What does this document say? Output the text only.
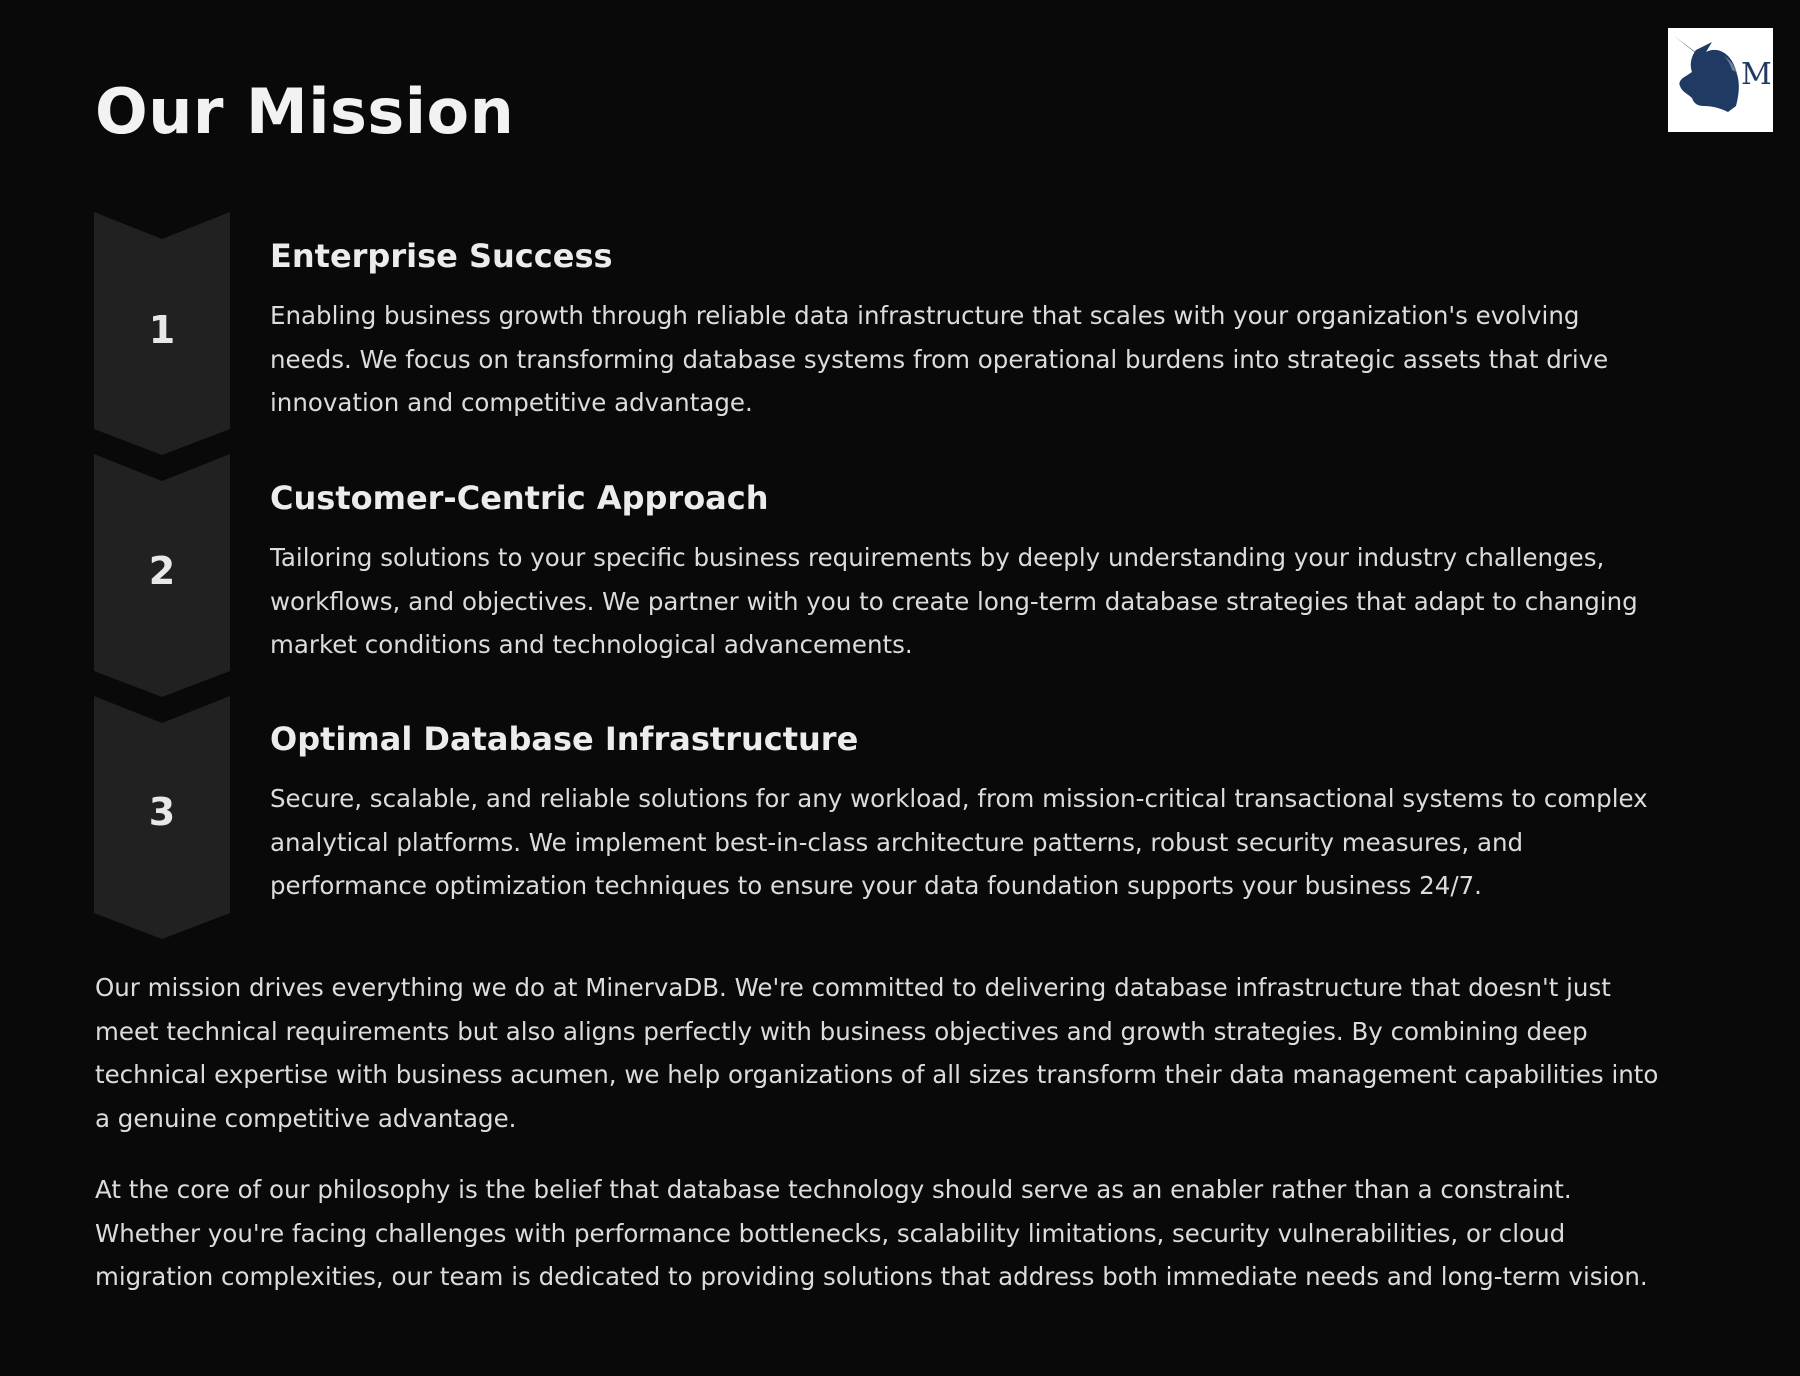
Our Mission
M
1
Enterprise Success

Enabling business growth through reliable data infrastructure that scales with your organization's evolving needs. We focus on transforming database systems from operational burdens into strategic assets that drive innovation and competitive advantage.

2
Customer-Centric Approach

Tailoring solutions to your specific business requirements by deeply understanding your industry challenges, workflows, and objectives. We partner with you to create long-term database strategies that adapt to changing market conditions and technological advancements.

3
Optimal Database Infrastructure

Secure, scalable, and reliable solutions for any workload, from mission-critical transactional systems to complex analytical platforms. We implement best-in-class architecture patterns, robust security measures, and performance optimization techniques to ensure your data foundation supports your business 24/7.

Our mission drives everything we do at MinervaDB. We're committed to delivering database infrastructure that doesn't just meet technical requirements but also aligns perfectly with business objectives and growth strategies. By combining deep technical expertise with business acumen, we help organizations of all sizes transform their data management capabilities into a genuine competitive advantage.

At the core of our philosophy is the belief that database technology should serve as an enabler rather than a constraint. Whether you're facing challenges with performance bottlenecks, scalability limitations, security vulnerabilities, or cloud migration complexities, our team is dedicated to providing solutions that address both immediate needs and long-term vision.
